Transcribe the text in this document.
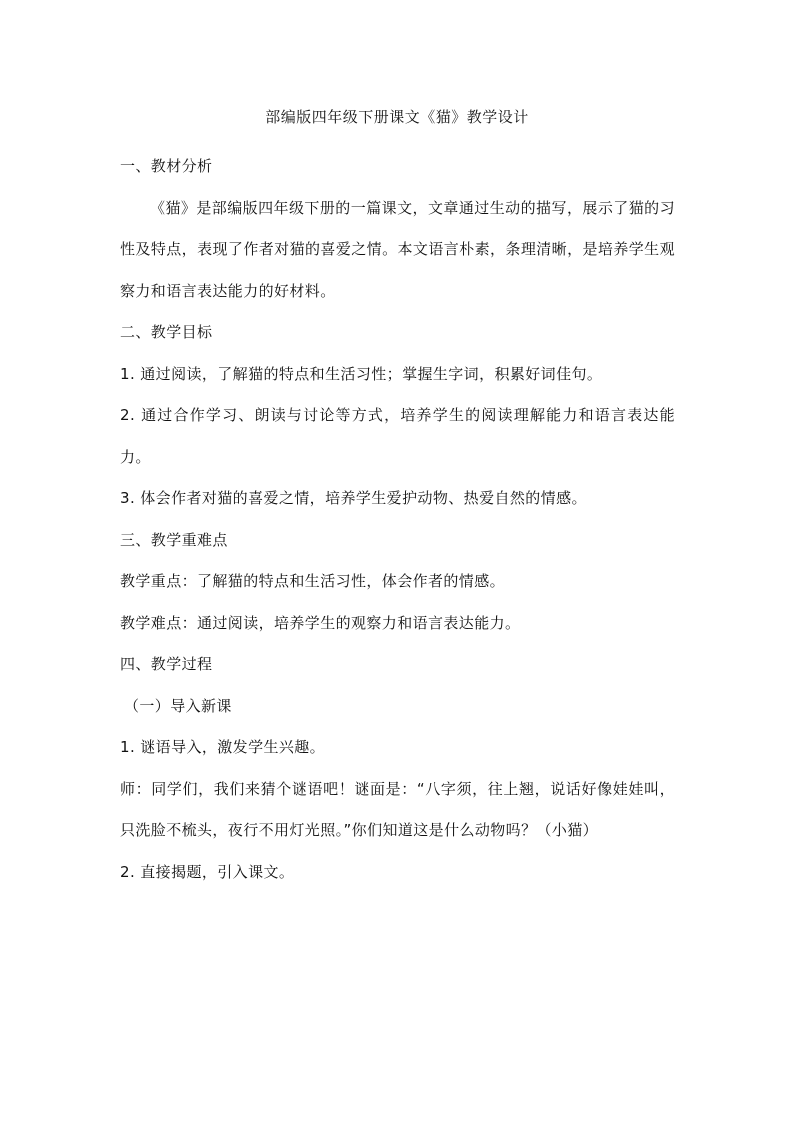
部编版四年级下册课文《猫》教学设计

一、教材分析

《猫》是部编版四年级下册的一篇课文，文章通过生动的描写，展示了猫的习性及特点，表现了作者对猫的喜爱之情。本文语言朴素，条理清晰，是培养学生观察力和语言表达能力的好材料。

二、教学目标

1. 通过阅读，了解猫的特点和生活习性；掌握生字词，积累好词佳句。

2. 通过合作学习、朗读与讨论等方式，培养学生的阅读理解能力和语言表达能力。

3. 体会作者对猫的喜爱之情，培养学生爱护动物、热爱自然的情感。

三、教学重难点

教学重点：了解猫的特点和生活习性，体会作者的情感。

教学难点：通过阅读，培养学生的观察力和语言表达能力。

四、教学过程

（一）导入新课

1. 谜语导入，激发学生兴趣。

师：同学们，我们来猜个谜语吧！谜面是：“八字须，往上翘，说话好像娃娃叫，只洗脸不梳头，夜行不用灯光照。”你们知道这是什么动物吗？（小猫）

2. 直接揭题，引入课文。
